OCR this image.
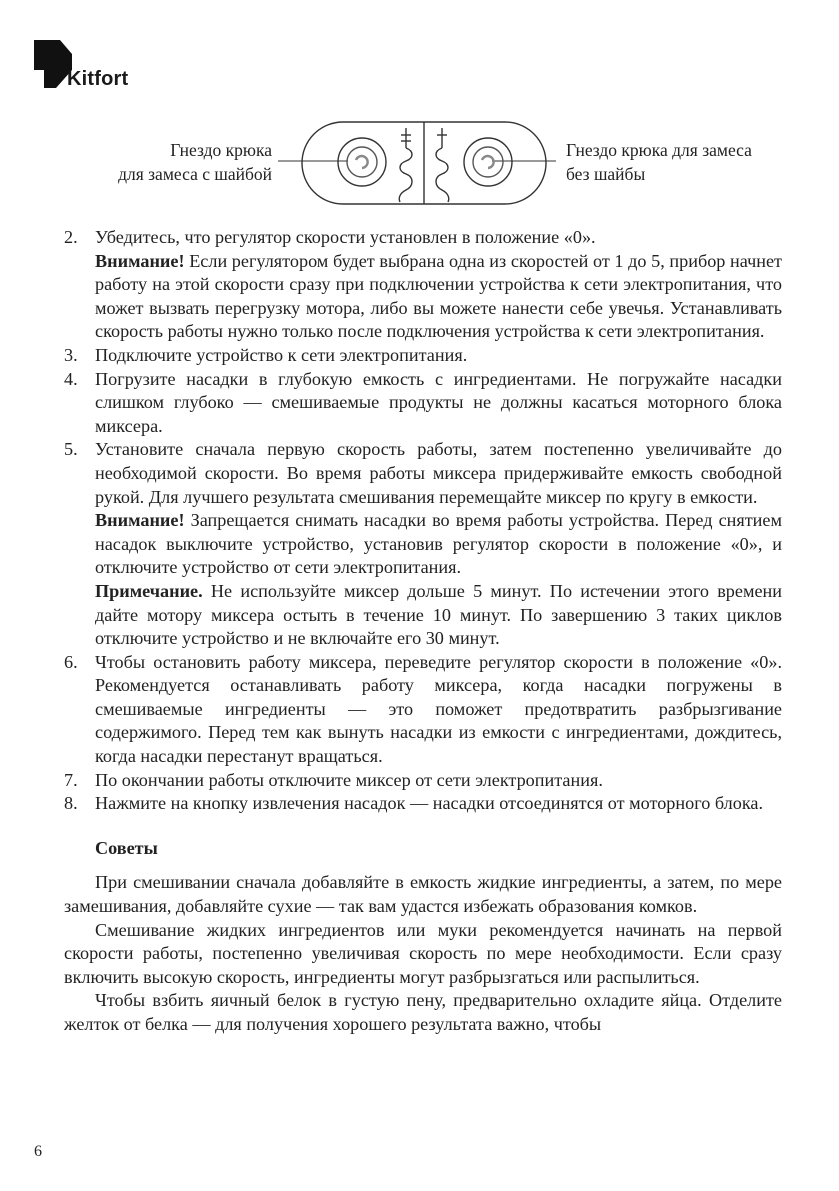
Kitfort
Гнездо крюка
для замеса с шайбой
Гнездо крюка для замеса
без шайбы
2. Убедитесь, что регулятор скорости установлен в положение «0».

Внимание! Если регулятором будет выбрана одна из скоростей от 1 до 5, прибор начнет работу на этой скорости сразу при подключении устройства к сети электропитания, что может вызвать перегрузку мотора, либо вы можете нанести себе увечья. Устанавливать скорость работы нужно только после подключения устройства к сети электропитания.

3. Подключите устройство к сети электропитания.

4. Погрузите насадки в глубокую емкость с ингредиентами. Не погружайте насадки слишком глубоко — смешиваемые продукты не должны касаться моторного блока миксера.

5. Установите сначала первую скорость работы, затем постепенно увеличивайте до необходимой скорости. Во время работы миксера придерживайте емкость свободной рукой. Для лучшего результата смешивания перемещайте миксер по кругу в емкости.

Внимание! Запрещается снимать насадки во время работы устройства. Перед снятием насадок выключите устройство, установив регулятор скорости в положение «0», и отключите устройство от сети электропитания.

Примечание. Не используйте миксер дольше 5 минут. По истечении этого времени дайте мотору миксера остыть в течение 10 минут. По завершению 3 таких циклов отключите устройство и не включайте его 30 минут.

6. Чтобы остановить работу миксера, переведите регулятор скорости в положение «0». Рекомендуется останавливать работу миксера, когда насадки погружены в смешиваемые ингредиенты — это поможет предотвратить разбрызгивание содержимого. Перед тем как вынуть насадки из емкости с ингредиентами, дождитесь, когда насадки перестанут вращаться.

7. По окончании работы отключите миксер от сети электропитания.

8. Нажмите на кнопку извлечения насадок — насадки отсоединятся от моторного блока.

Советы

При смешивании сначала добавляйте в емкость жидкие ингредиенты, а затем, по мере замешивания, добавляйте сухие — так вам удастся избежать образования комков.

Смешивание жидких ингредиентов или муки рекомендуется начинать на первой скорости работы, постепенно увеличивая скорость по мере необходимости. Если сразу включить высокую скорость, ингредиенты могут разбрызгаться или распылиться.

Чтобы взбить яичный белок в густую пену, предварительно охладите яйца. Отделите желток от белка — для получения хорошего результата важно, чтобы

6
